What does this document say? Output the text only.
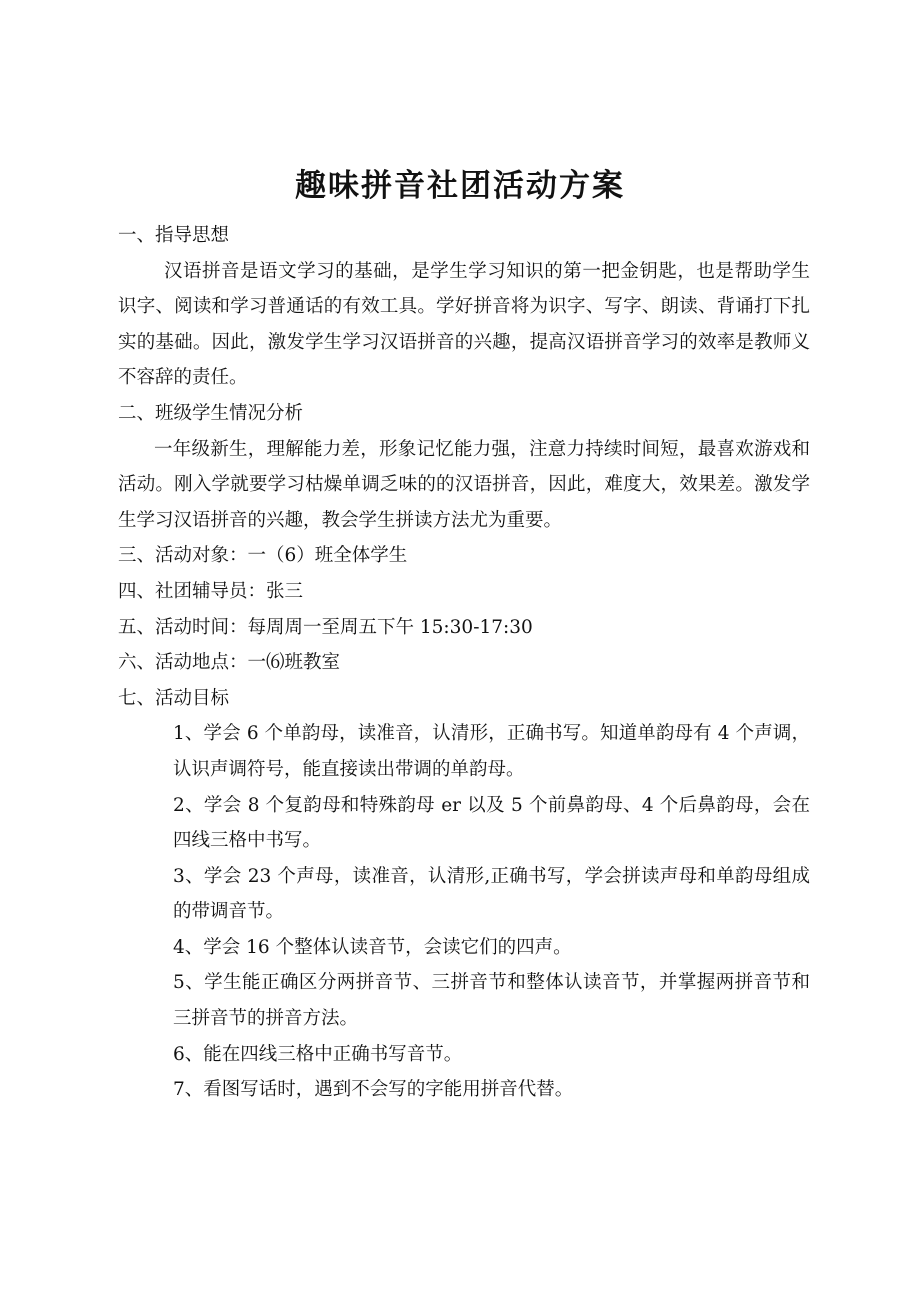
趣味拼音社团活动方案

一、指导思想

汉语拼音是语文学习的基础，是学生学习知识的第一把金钥匙，也是帮助学生识字、阅读和学习普通话的有效工具。学好拼音将为识字、写字、朗读、背诵打下扎实的基础。因此，激发学生学习汉语拼音的兴趣，提高汉语拼音学习的效率是教师义不容辞的责任。

二、班级学生情况分析

一年级新生，理解能力差，形象记忆能力强，注意力持续时间短，最喜欢游戏和活动。刚入学就要学习枯燥单调乏味的的汉语拼音，因此，难度大，效果差。激发学生学习汉语拼音的兴趣，教会学生拼读方法尤为重要。

三、活动对象：一（6）班全体学生

四、社团辅导员：张三

五、活动时间：每周周一至周五下午 15:30-17:30

六、活动地点：一⑹班教室

七、活动目标

1、学会 6 个单韵母，读准音，认清形，正确书写。知道单韵母有 4 个声调，认识声调符号，能直接读出带调的单韵母。

2、学会 8 个复韵母和特殊韵母 er 以及 5 个前鼻韵母、4 个后鼻韵母，会在四线三格中书写。

3、学会 23 个声母，读准音，认清形,正确书写，学会拼读声母和单韵母组成的带调音节。

4、学会 16 个整体认读音节，会读它们的四声。

5、学生能正确区分两拼音节、三拼音节和整体认读音节，并掌握两拼音节和三拼音节的拼音方法。

6、能在四线三格中正确书写音节。

7、看图写话时，遇到不会写的字能用拼音代替。
